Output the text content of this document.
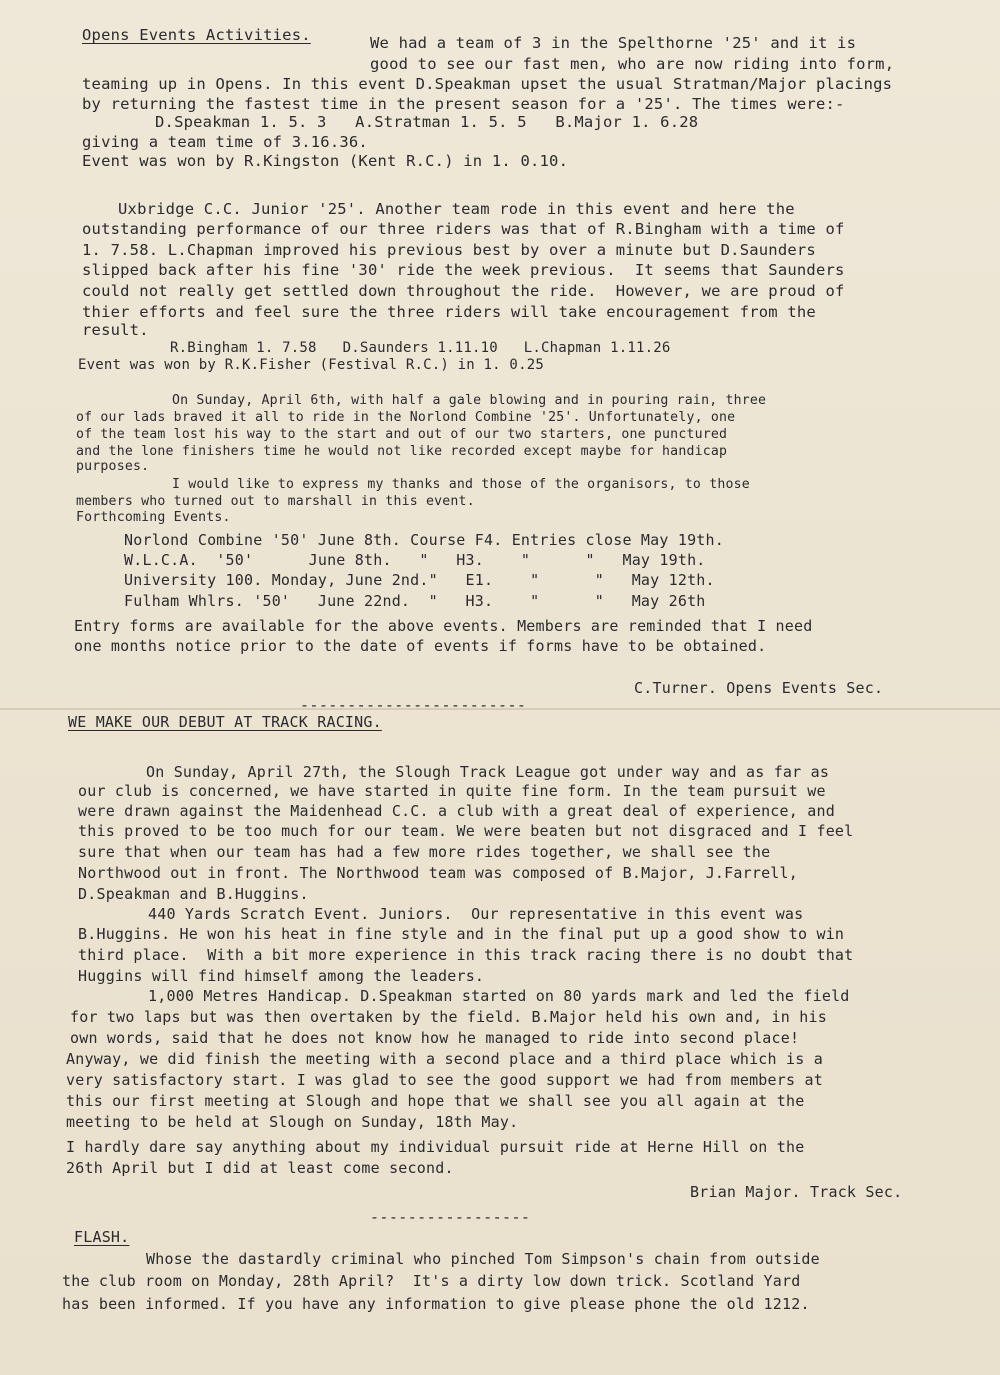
Opens Events Activities.	We had a team of 3 in the Spelthorne '25' and it is
good to see our fast men, who are now riding into form,
teaming up in Opens. In this event D.Speakman upset the usual Stratman/Major placings
by returning the fastest time in the present season for a '25'. The times were:-
D.Speakman 1. 5. 3   A.Stratman 1. 5. 5   B.Major 1. 6.28
giving a team time of 3.16.36.
Event was won by R.Kingston (Kent R.C.) in 1. 0.10.
Uxbridge C.C. Junior '25'. Another team rode in this event and here the
outstanding performance of our three riders was that of R.Bingham with a time of
1. 7.58. L.Chapman improved his previous best by over a minute but D.Saunders
slipped back after his fine '30' ride the week previous.  It seems that Saunders
could not really get settled down throughout the ride.  However, we are proud of
thier efforts and feel sure the three riders will take encouragement from the
result.
R.Bingham 1. 7.58   D.Saunders 1.11.10   L.Chapman 1.11.26
Event was won by R.K.Fisher (Festival R.C.) in 1. 0.25
On Sunday, April 6th, with half a gale blowing and in pouring rain, three
of our lads braved it all to ride in the Norlond Combine '25'. Unfortunately, one
of the team lost his way to the start and out of our two starters, one punctured
and the lone finishers time he would not like recorded except maybe for handicap
purposes.
I would like to express my thanks and those of the organisors, to those
members who turned out to marshall in this event.
Forthcoming Events.
Norlond Combine '50' June 8th. Course F4. Entries close May 19th.
W.L.C.A.  '50'      June 8th.   "   H3.    "      "   May 19th.
University 100. Monday, June 2nd."   E1.    "      "   May 12th.
Fulham Whlrs. '50'   June 22nd.  "   H3.    "      "   May 26th
Entry forms are available for the above events. Members are reminded that I need
one months notice prior to the date of events if forms have to be obtained.
C.Turner. Opens Events Sec.
------------------------
WE MAKE OUR DEBUT AT TRACK RACING.
On Sunday, April 27th, the Slough Track League got under way and as far as
our club is concerned, we have started in quite fine form. In the team pursuit we
were drawn against the Maidenhead C.C. a club with a great deal of experience, and
this proved to be too much for our team. We were beaten but not disgraced and I feel
sure that when our team has had a few more rides together, we shall see the
Northwood out in front. The Northwood team was composed of B.Major, J.Farrell,
D.Speakman and B.Huggins.
440 Yards Scratch Event. Juniors.  Our representative in this event was
B.Huggins. He won his heat in fine style and in the final put up a good show to win
third place.  With a bit more experience in this track racing there is no doubt that
Huggins will find himself among the leaders.
1,000 Metres Handicap. D.Speakman started on 80 yards mark and led the field
for two laps but was then overtaken by the field. B.Major held his own and, in his
own words, said that he does not know how he managed to ride into second place!
Anyway, we did finish the meeting with a second place and a third place which is a
very satisfactory start. I was glad to see the good support we had from members at
this our first meeting at Slough and hope that we shall see you all again at the
meeting to be held at Slough on Sunday, 18th May.
I hardly dare say anything about my individual pursuit ride at Herne Hill on the
26th April but I did at least come second.
Brian Major. Track Sec.
-----------------
FLASH.
Whose the dastardly criminal who pinched Tom Simpson's chain from outside
the club room on Monday, 28th April?  It's a dirty low down trick. Scotland Yard
has been informed. If you have any information to give please phone the old 1212.
